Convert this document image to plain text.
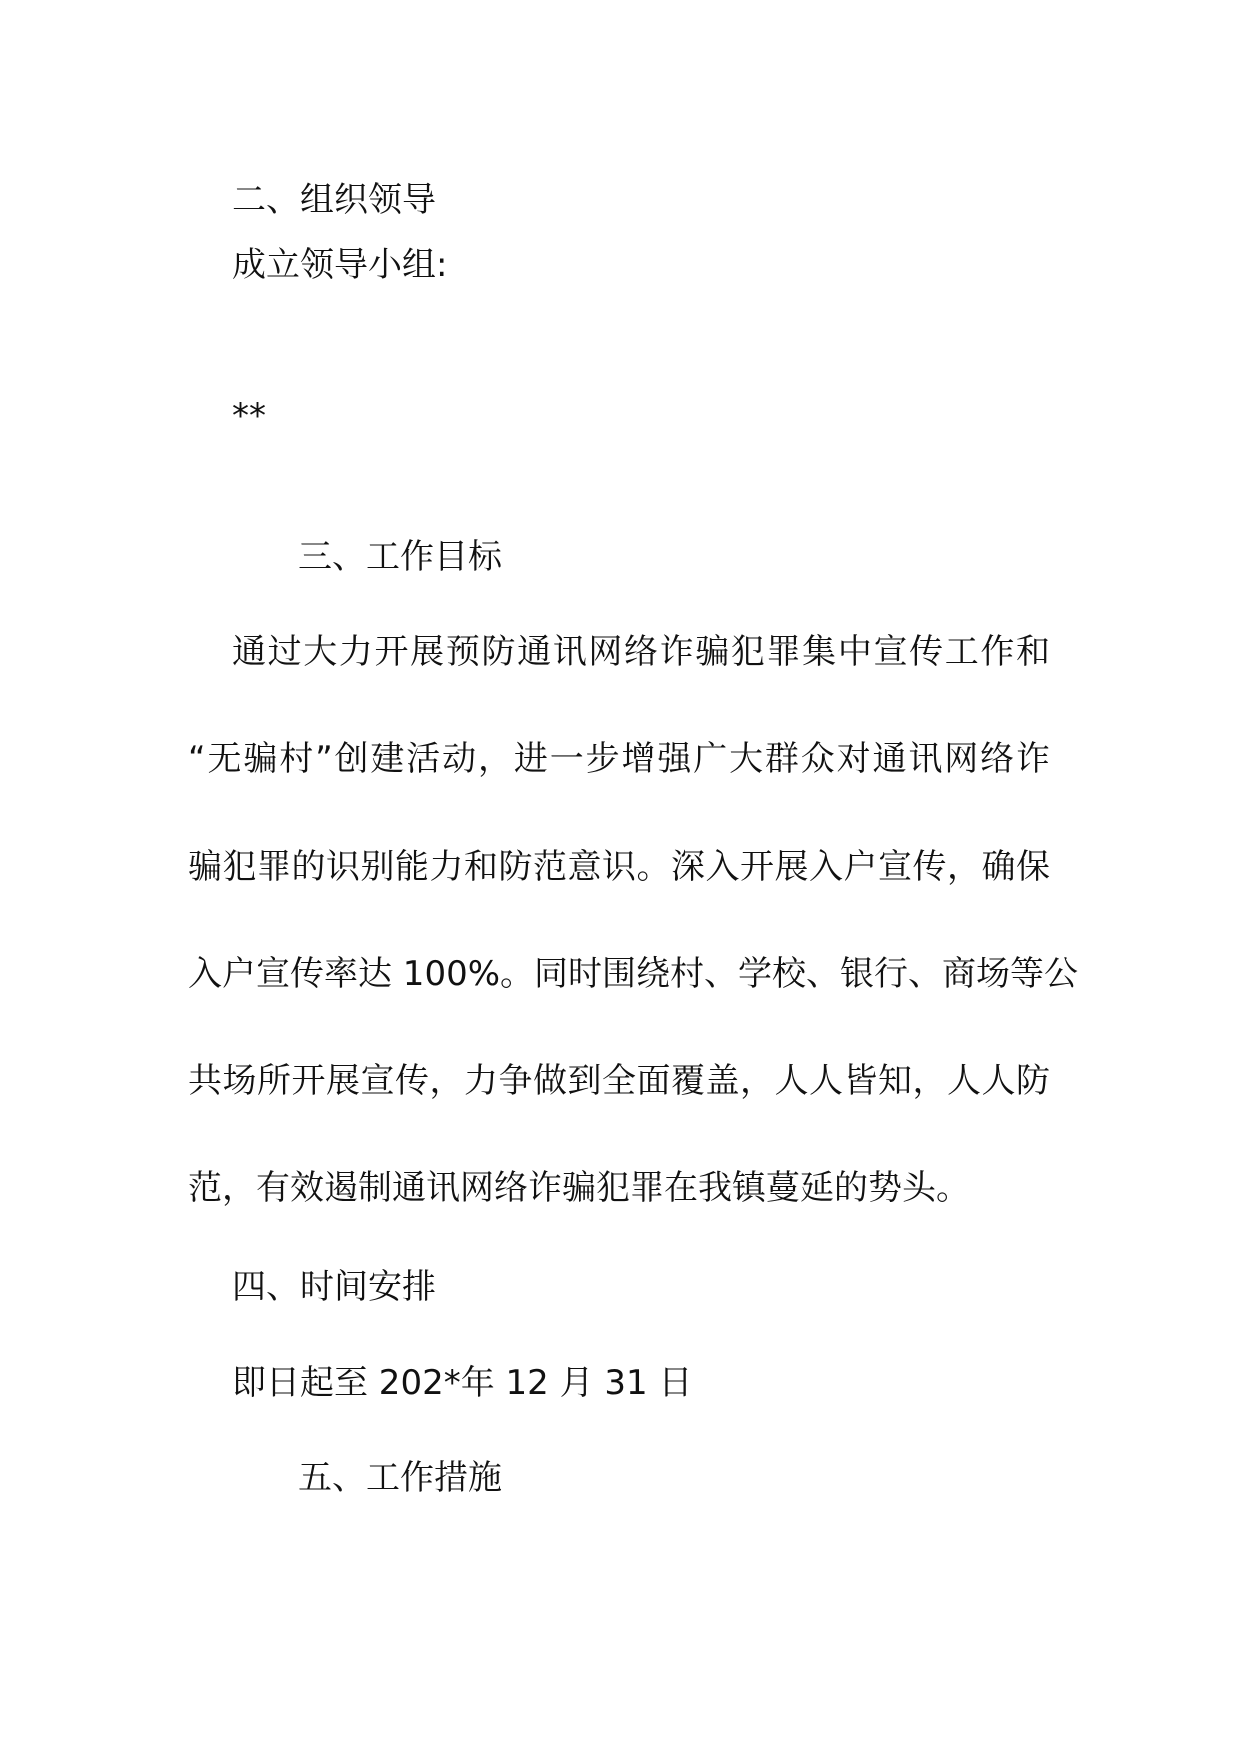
二、组织领导
成立领导小组:
**
三、工作目标
通过大力开展预防通讯网络诈骗犯罪集中宣传工作和
“无骗村”创建活动，进一步增强广大群众对通讯网络诈
骗犯罪的识别能力和防范意识。深入开展入户宣传，确保
入户宣传率达 100%。同时围绕村、学校、银行、商场等公
共场所开展宣传，力争做到全面覆盖，人人皆知，人人防
范，有效遏制通讯网络诈骗犯罪在我镇蔓延的势头。
四、时间安排
即日起至 202*年 12 月 31 日
五、工作措施
